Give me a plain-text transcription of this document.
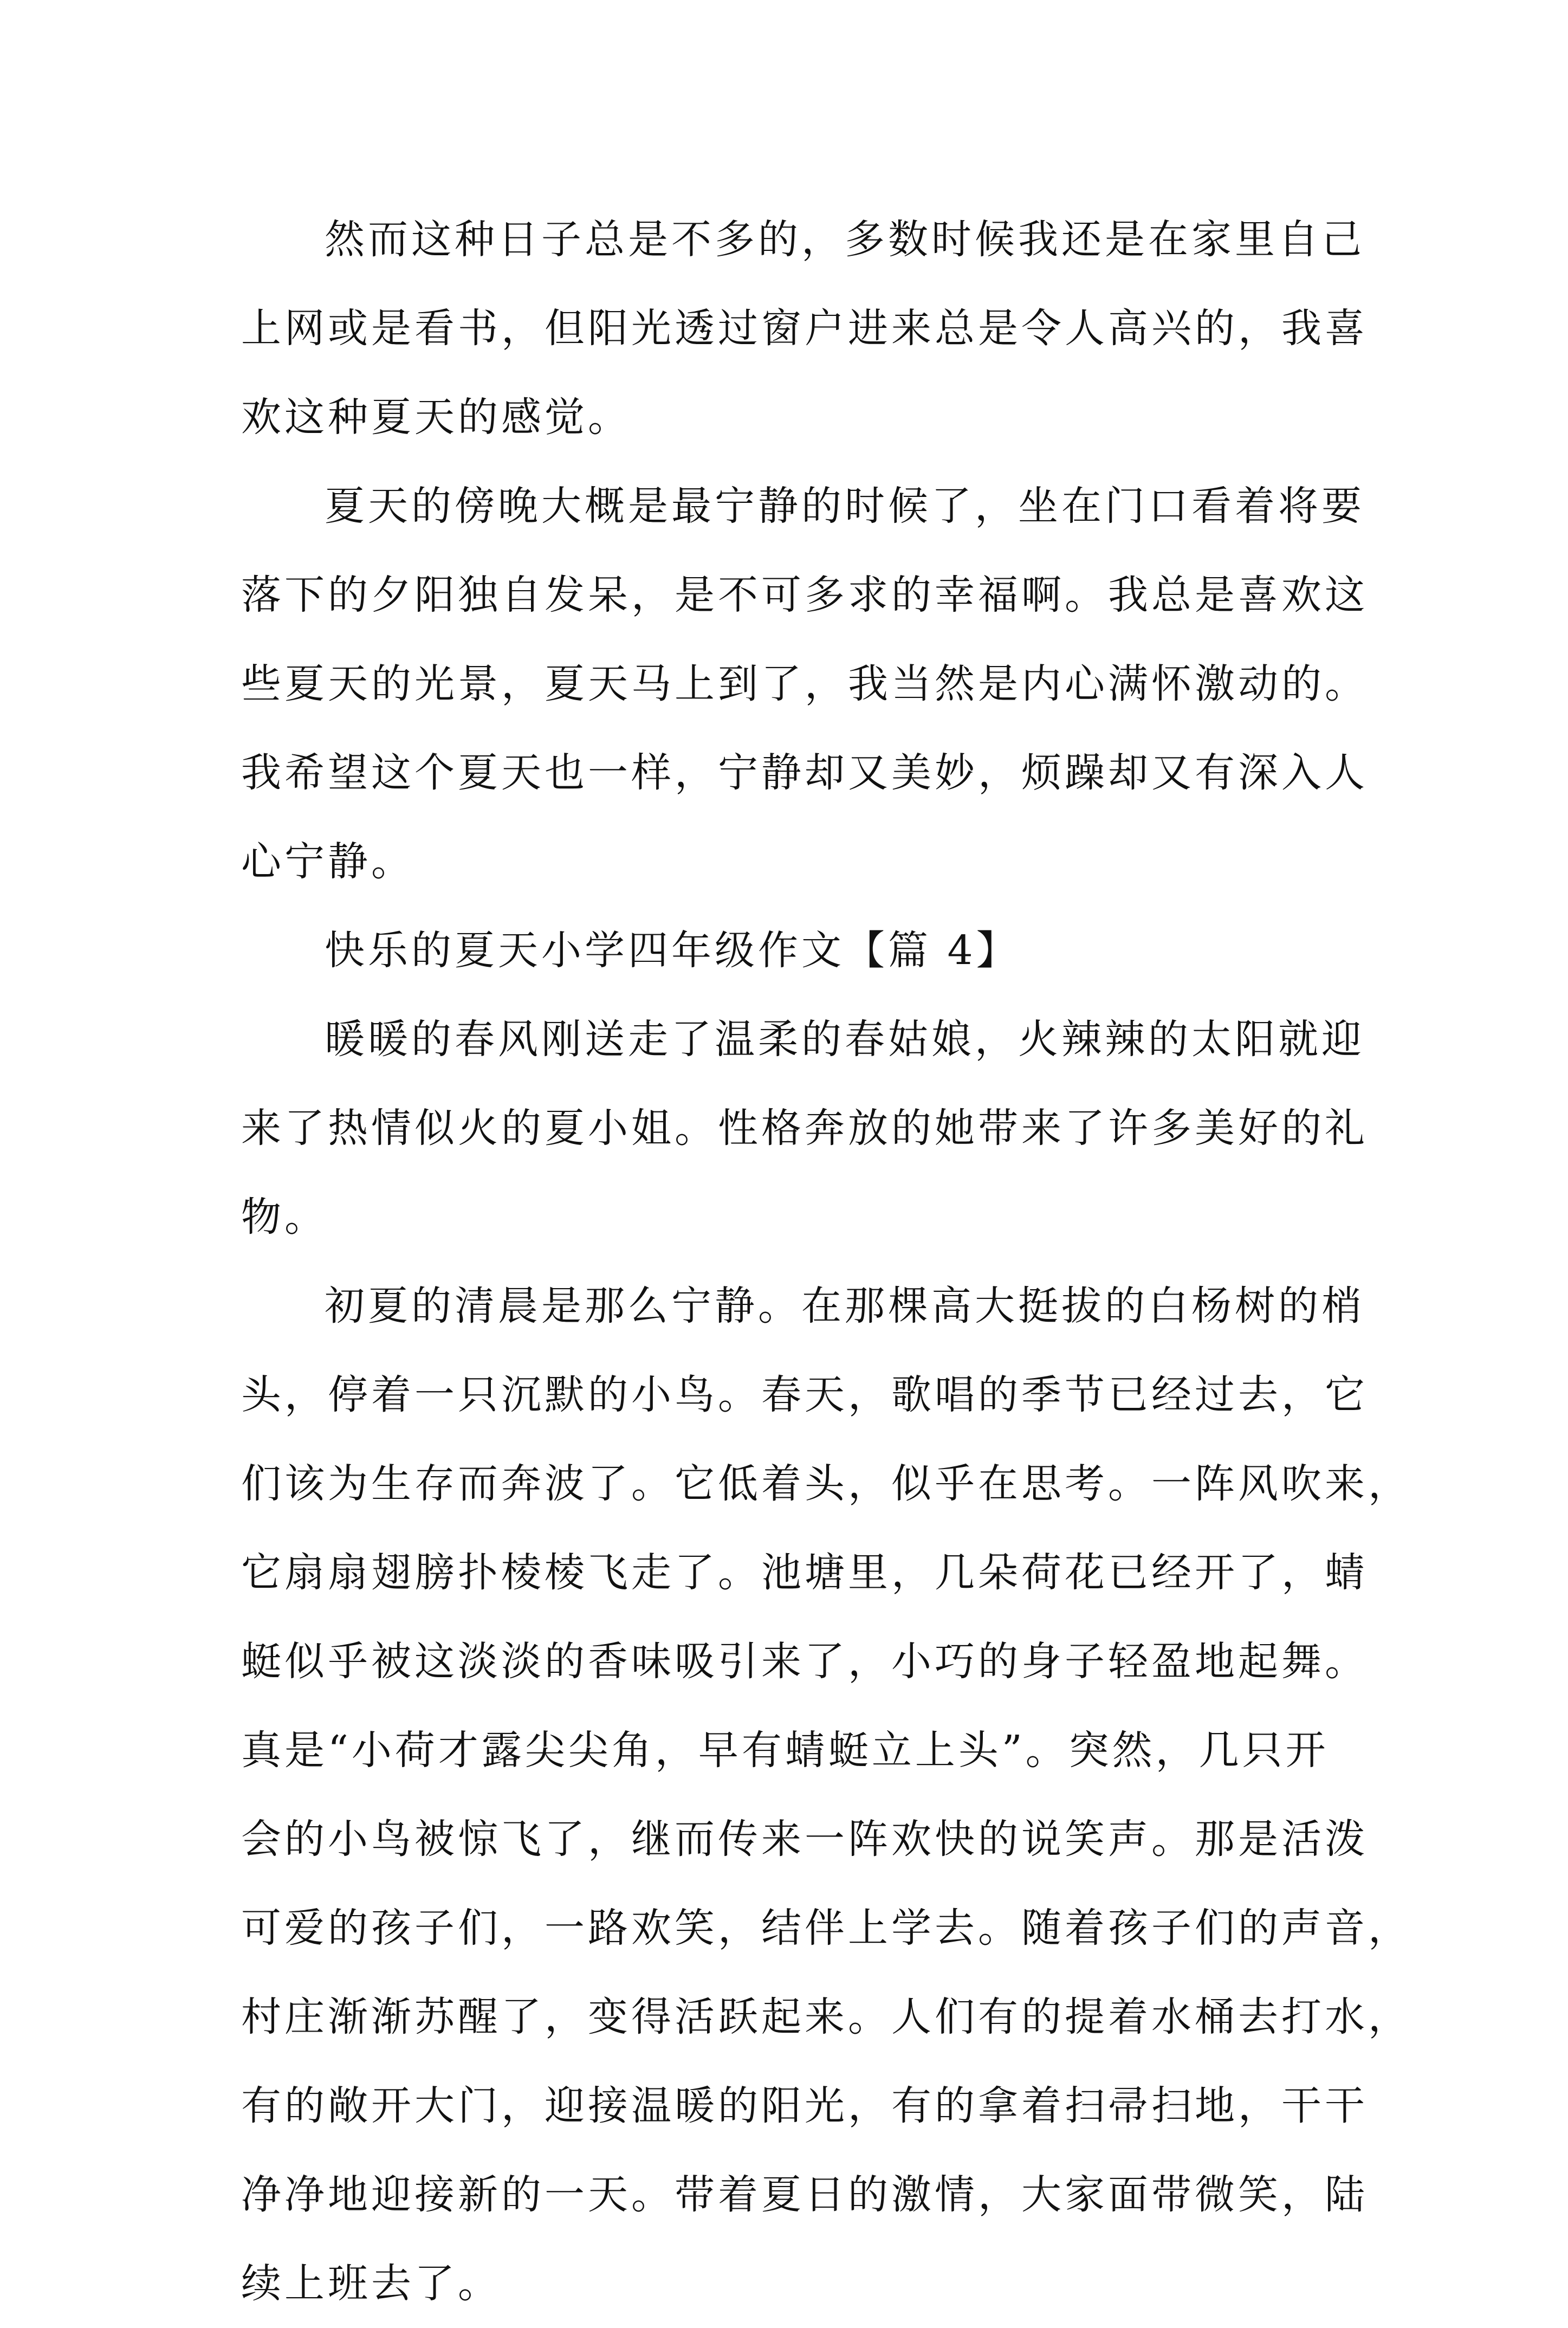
然而这种日子总是不多的，多数时候我还是在家里自己
上网或是看书，但阳光透过窗户进来总是令人高兴的，我喜
欢这种夏天的感觉。
夏天的傍晚大概是最宁静的时候了，坐在门口看着将要
落下的夕阳独自发呆，是不可多求的幸福啊。我总是喜欢这
些夏天的光景，夏天马上到了，我当然是内心满怀激动的。
我希望这个夏天也一样，宁静却又美妙，烦躁却又有深入人
心宁静。
快乐的夏天小学四年级作文【篇 4】
暖暖的春风刚送走了温柔的春姑娘，火辣辣的太阳就迎
来了热情似火的夏小姐。性格奔放的她带来了许多美好的礼
物。
初夏的清晨是那么宁静。在那棵高大挺拔的白杨树的梢
头，停着一只沉默的小鸟。春天，歌唱的季节已经过去，它
们该为生存而奔波了。它低着头，似乎在思考。一阵风吹来，
它扇扇翅膀扑棱棱飞走了。池塘里，几朵荷花已经开了，蜻
蜓似乎被这淡淡的香味吸引来了，小巧的身子轻盈地起舞。
真是“小荷才露尖尖角，早有蜻蜓立上头”。突然，几只开
会的小鸟被惊飞了，继而传来一阵欢快的说笑声。那是活泼
可爱的孩子们，一路欢笑，结伴上学去。随着孩子们的声音，
村庄渐渐苏醒了，变得活跃起来。人们有的提着水桶去打水，
有的敞开大门，迎接温暖的阳光，有的拿着扫帚扫地，干干
净净地迎接新的一天。带着夏日的激情，大家面带微笑，陆
续上班去了。
